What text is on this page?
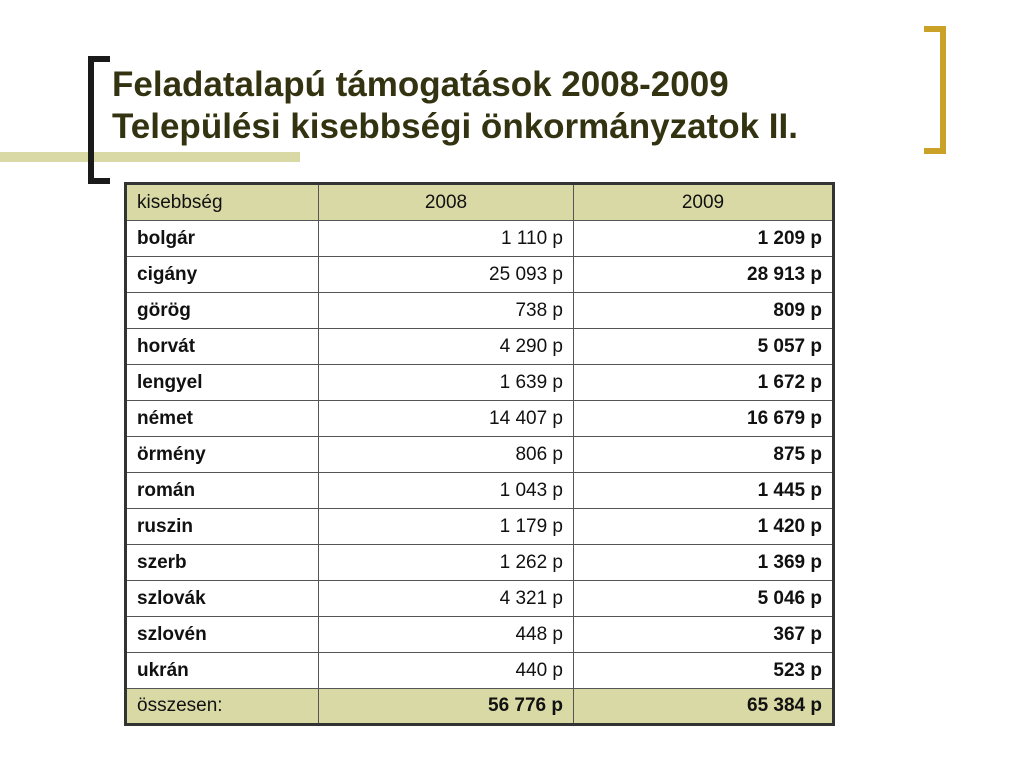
Feladatalapú támogatások 2008-2009
Települési kisebbségi önkormányzatok II.
kisebbség	2008	2009
bolgár	1 110 p	1 209 p
cigány	25 093 p	28 913 p
görög	738 p	809 p
horvát	4 290 p	5 057 p
lengyel	1 639 p	1 672 p
német	14 407 p	16 679 p
örmény	806 p	875 p
román	1 043 p	1 445 p
ruszin	1 179 p	1 420 p
szerb	1 262 p	1 369 p
szlovák	4 321 p	5 046 p
szlovén	448 p	367 p
ukrán	440 p	523 p
összesen:	56 776 p	65 384 p
